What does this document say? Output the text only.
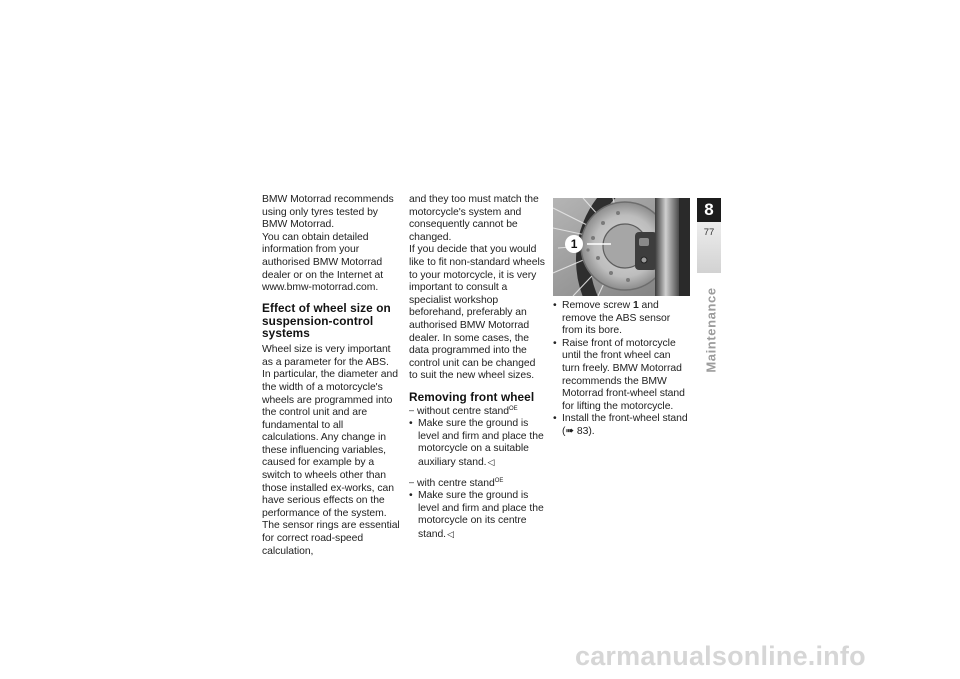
BMW Motorrad recommends using only tyres tested by BMW Motorrad.

You can obtain detailed information from your authorised BMW Motorrad dealer or on the Internet at www.bmw-motorrad.com.

Effect of wheel size on suspension-control systems

Wheel size is very important as a parameter for the ABS. In particular, the diameter and the width of a motorcycle's wheels are programmed into the control unit and are fundamental to all calculations. Any change in these influencing variables, caused for example by a switch to wheels other than those installed ex-works, can have serious effects on the performance of the system.

The sensor rings are essential for correct road-speed calculation,

and they too must match the motorcycle's system and consequently cannot be changed.

If you decide that you would like to fit non-standard wheels to your motorcycle, it is very important to consult a specialist workshop beforehand, preferably an authorised BMW Motorrad dealer. In some cases, the data programmed into the control unit can be changed to suit the new wheel sizes.

Removing front wheel

– without centre stand$^{OE}$

• Make sure the ground is level and firm and place the motorcycle on a suitable auxiliary stand.◁

– with centre stand$^{OE}$

• Make sure the ground is level and firm and place the motorcycle on its centre stand.◁
1
• Remove screw 1 and remove the ABS sensor from its bore.
• Raise front of motorcycle until the front wheel can turn freely. BMW Motorrad recommends the BMW Motorrad front-wheel stand for lifting the motorcycle.
• Install the front-wheel stand
(➠ 83).
8
77
Maintenance
carmanualsonline.info
